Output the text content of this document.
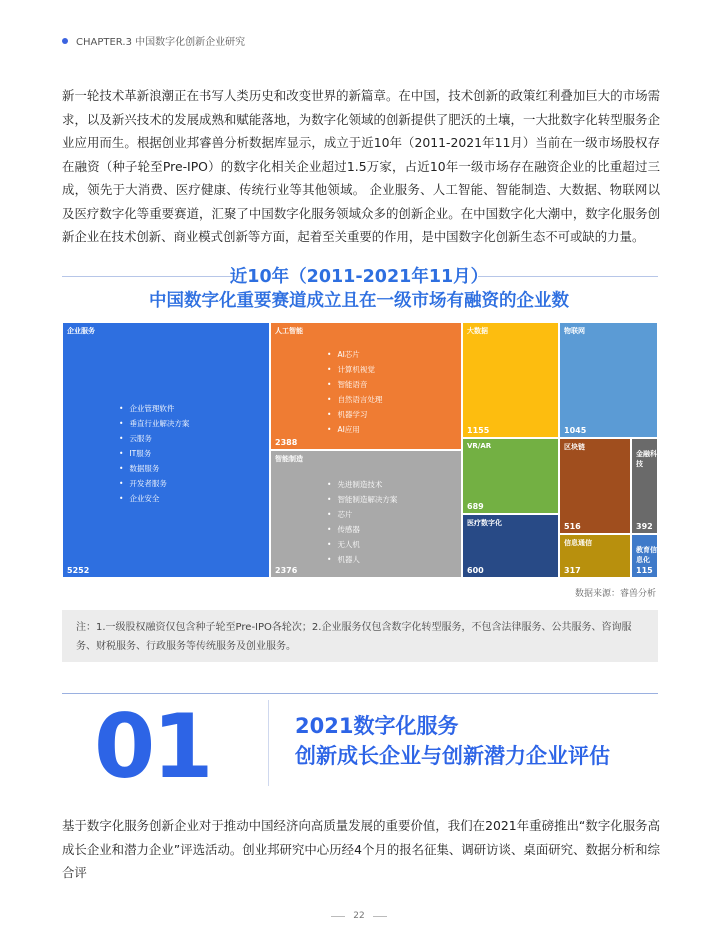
CHAPTER.3 中国数字化创新企业研究

新一轮技术革新浪潮正在书写人类历史和改变世界的新篇章。在中国，技术创新的政策红利叠加巨大的市场需求，以及新兴技术的发展成熟和赋能落地，为数字化领域的创新提供了肥沃的土壤，一大批数字化转型服务企业应用而生。根据创业邦睿兽分析数据库显示，成立于近10年（2011-2021年11月）当前在一级市场股权存在融资（种子轮至Pre-IPO）的数字化相关企业超过1.5万家，占近10年一级市场存在融资企业的比重超过三成，领先于大消费、医疗健康、传统行业等其他领域。 企业服务、人工智能、智能制造、大数据、物联网以及医疗数字化等重要赛道，汇聚了中国数字化服务领域众多的创新企业。在中国数字化大潮中，数字化服务创新企业在技术创新、商业模式创新等方面，起着至关重要的作用，是中国数字化创新生态不可或缺的力量。

近10年（2011-2021年11月）
中国数字化重要赛道成立且在一级市场有融资的企业数
企业服务
5252
• 企业管理软件
• 垂直行业解决方案
• 云服务
• IT服务
• 数据服务
• 开发者服务
• 企业安全
人工智能
2388
• AI芯片
• 计算机视觉
• 智能语音
• 自然语言处理
• 机器学习
• AI应用
智能制造
2376
• 先进制造技术
• 智能制造解决方案
• 芯片
• 传感器
• 无人机
• 机器人
大数据
1155
物联网
1045
VR/AR
689
医疗数字化
600
区块链
516
金融科技
392
信息通信
317
教育信息化
115
数据来源：睿兽分析
注：1.一级股权融资仅包含种子轮至Pre-IPO各轮次；2.企业服务仅包含数字化转型服务，不包含法律服务、公共服务、咨询服务、财税服务、行政服务等传统服务及创业服务。
01	2021数字化服务
创新成长企业与创新潜力企业评估

基于数字化服务创新企业对于推动中国经济向高质量发展的重要价值，我们在2021年重磅推出“数字化服务高成长企业和潜力企业”评选活动。创业邦研究中心历经4个月的报名征集、调研访谈、桌面研究、数据分析和综合评

22
